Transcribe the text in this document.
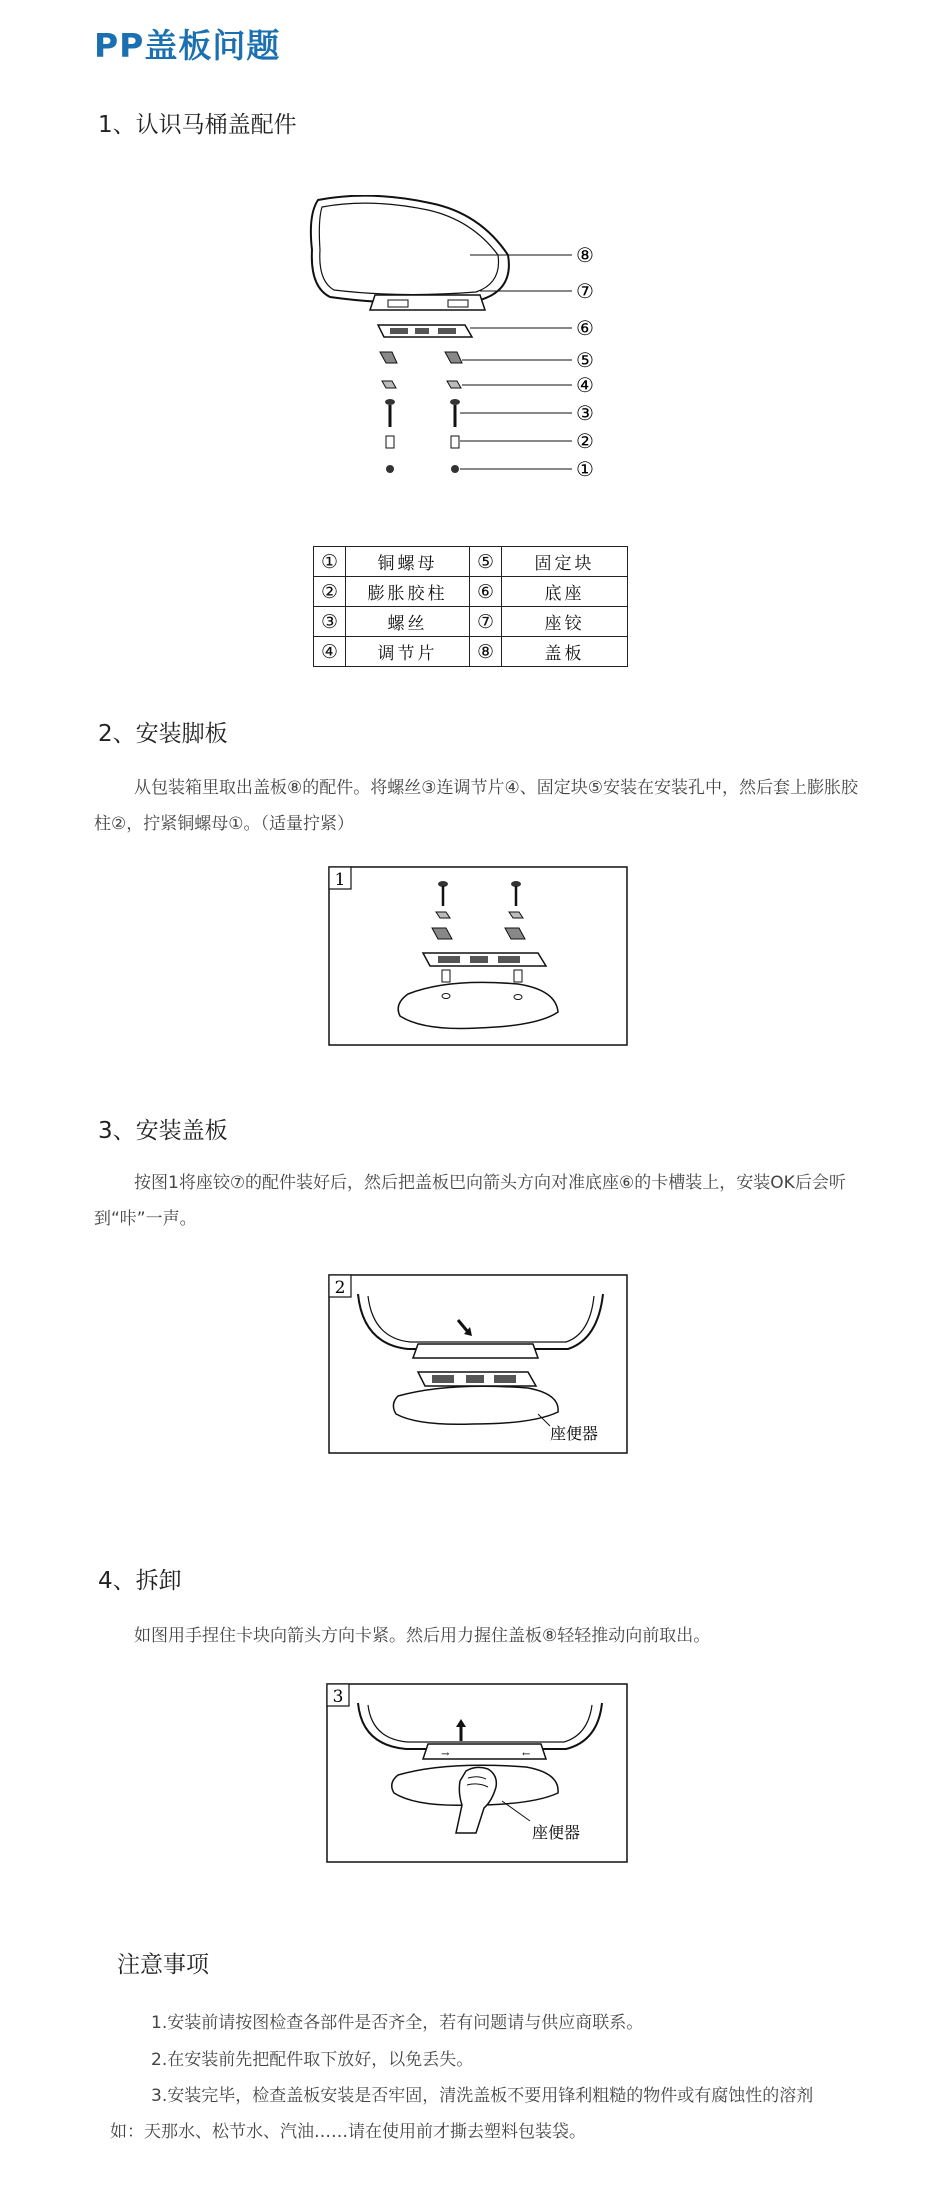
PP盖板问题
1、认识马桶盖配件
⑧
⑦
⑥
⑤
④
③
②
①
①	铜螺母	⑤	固定块
②	膨胀胶柱	⑥	底座
③	螺丝	⑦	座铰
④	调节片	⑧	盖板
2、安装脚板
从包装箱里取出盖板⑧的配件。将螺丝③连调节片④、固定块⑤安装在安装孔中，然后套上膨胀胶柱②，拧紧铜螺母①。（适量拧紧）
1
3、安装盖板
按图1将座铰⑦的配件装好后，然后把盖板巴向箭头方向对准底座⑥的卡槽装上，安装OK后会听到“咔”一声。
2
座便器
4、拆卸
如图用手捏住卡块向箭头方向卡紧。然后用力握住盖板⑧轻轻推动向前取出。
3
→	←
座便器
注意事项
1.安装前请按图检查各部件是否齐全，若有问题请与供应商联系。
2.在安装前先把配件取下放好，以免丢失。
3.安装完毕，检查盖板安装是否牢固，清洗盖板不要用锋利粗糙的物件或有腐蚀性的溶剂
如：天那水、松节水、汽油……请在使用前才撕去塑料包装袋。
